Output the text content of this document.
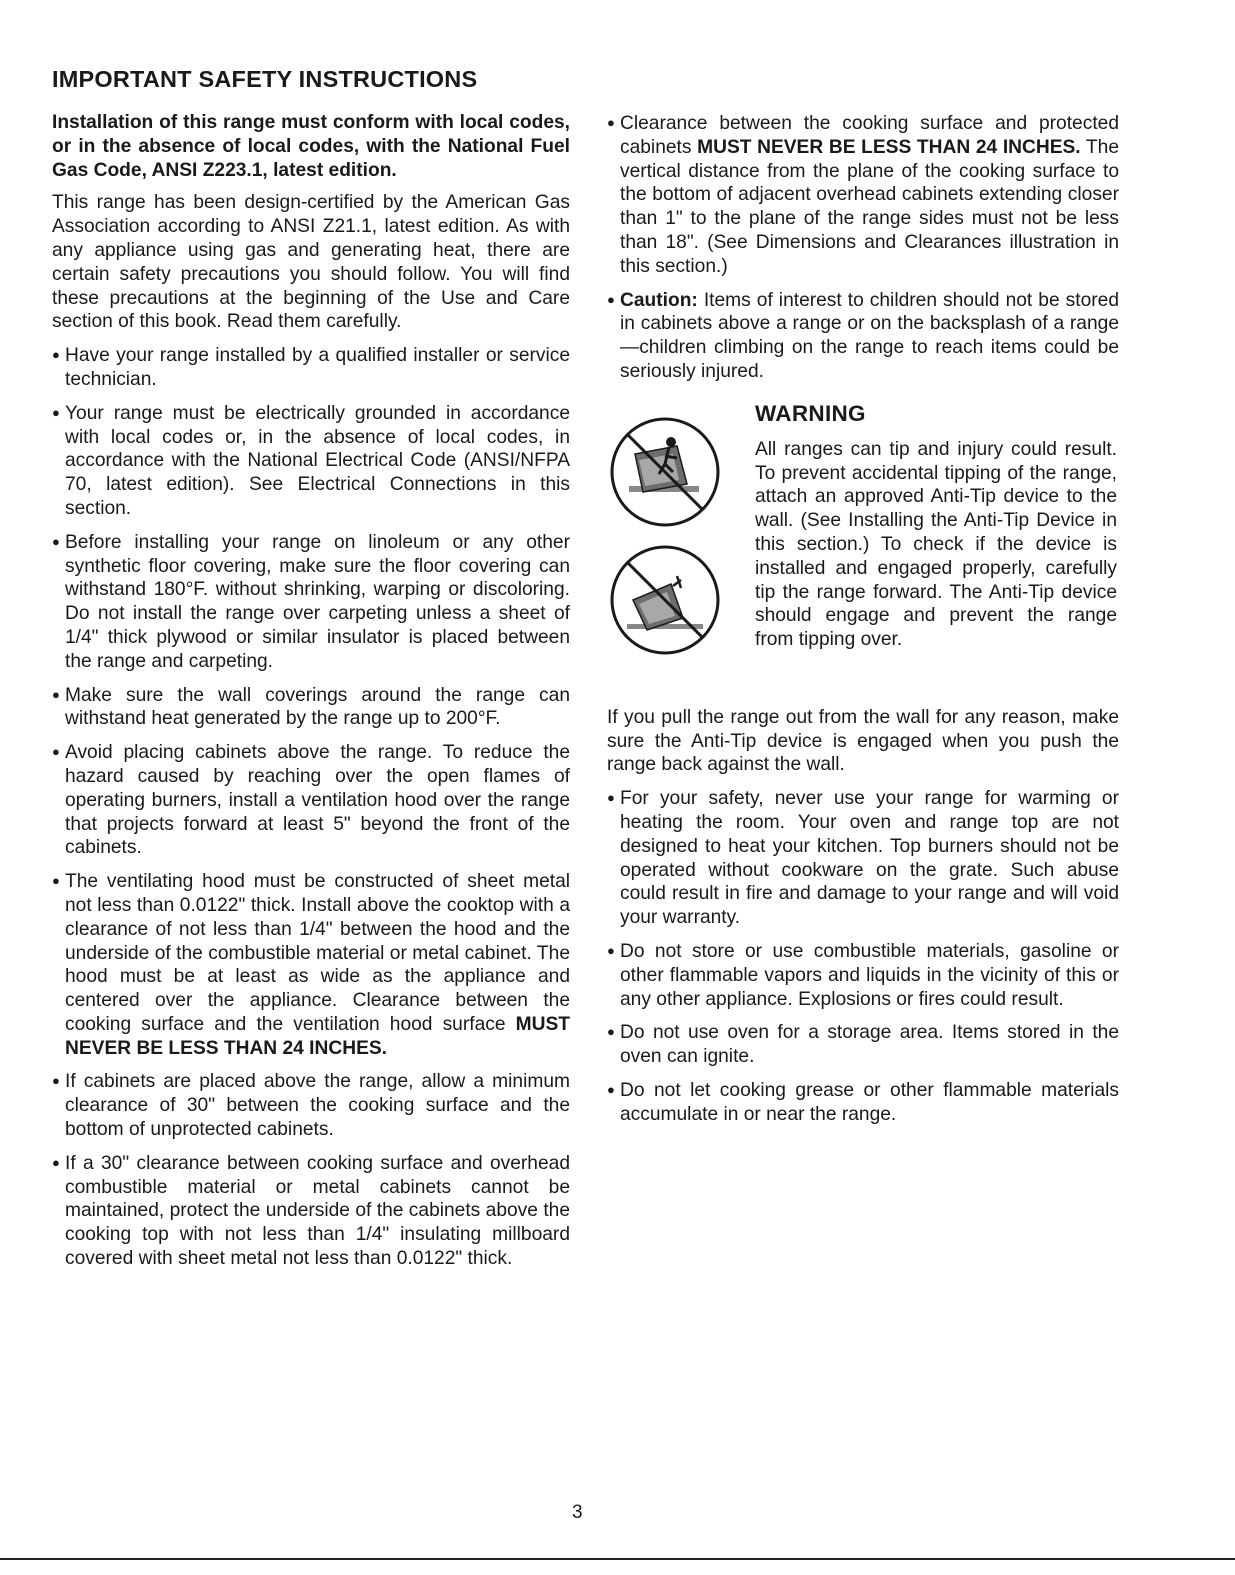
IMPORTANT SAFETY INSTRUCTIONS

Installation of this range must conform with local codes, or in the absence of local codes, with the National Fuel Gas Code, ANSI Z223.1, latest edition.

This range has been design-certified by the American Gas Association according to ANSI Z21.1, latest edition. As with any appliance using gas and generating heat, there are certain safety precautions you should follow. You will find these precautions at the beginning of the Use and Care section of this book. Read them carefully.

● Have your range installed by a qualified installer or service technician.

● Your range must be electrically grounded in accordance with local codes or, in the absence of local codes, in accordance with the National Electrical Code (ANSI/NFPA 70, latest edition). See Electrical Connections in this section.

● Before installing your range on linoleum or any other synthetic floor covering, make sure the floor covering can withstand 180°F. without shrinking, warping or discoloring. Do not install the range over carpeting unless a sheet of 1/4" thick plywood or similar insulator is placed between the range and carpeting.

● Make sure the wall coverings around the range can withstand heat generated by the range up to 200°F.

● Avoid placing cabinets above the range. To reduce the hazard caused by reaching over the open flames of operating burners, install a ventilation hood over the range that projects forward at least 5" beyond the front of the cabinets.

● The ventilating hood must be constructed of sheet metal not less than 0.0122" thick. Install above the cooktop with a clearance of not less than 1/4" between the hood and the underside of the combustible material or metal cabinet. The hood must be at least as wide as the appliance and centered over the appliance. Clearance between the cooking surface and the ventilation hood surface MUST NEVER BE LESS THAN 24 INCHES.

● If cabinets are placed above the range, allow a minimum clearance of 30" between the cooking surface and the bottom of unprotected cabinets.

● If a 30" clearance between cooking surface and overhead combustible material or metal cabinets cannot be maintained, protect the underside of the cabinets above the cooking top with not less than 1/4" insulating millboard covered with sheet metal not less than 0.0122" thick.

● Clearance between the cooking surface and protected cabinets MUST NEVER BE LESS THAN 24 INCHES. The vertical distance from the plane of the cooking surface to the bottom of adjacent overhead cabinets extending closer than 1" to the plane of the range sides must not be less than 18". (See Dimensions and Clearances illustration in this section.)

● Caution: Items of interest to children should not be stored in cabinets above a range or on the backsplash of a range—children climbing on the range to reach items could be seriously injured.

WARNING

All ranges can tip and injury could result. To prevent accidental tipping of the range, attach an approved Anti-Tip device to the wall. (See Installing the Anti-Tip Device in this section.) To check if the device is installed and engaged properly, carefully tip the range forward. The Anti-Tip device should engage and prevent the range from tipping over.

If you pull the range out from the wall for any reason, make sure the Anti-Tip device is engaged when you push the range back against the wall.

● For your safety, never use your range for warming or heating the room. Your oven and range top are not designed to heat your kitchen. Top burners should not be operated without cookware on the grate. Such abuse could result in fire and damage to your range and will void your warranty.

● Do not store or use combustible materials, gasoline or other flammable vapors and liquids in the vicinity of this or any other appliance. Explosions or fires could result.

● Do not use oven for a storage area. Items stored in the oven can ignite.

● Do not let cooking grease or other flammable materials accumulate in or near the range.

3
